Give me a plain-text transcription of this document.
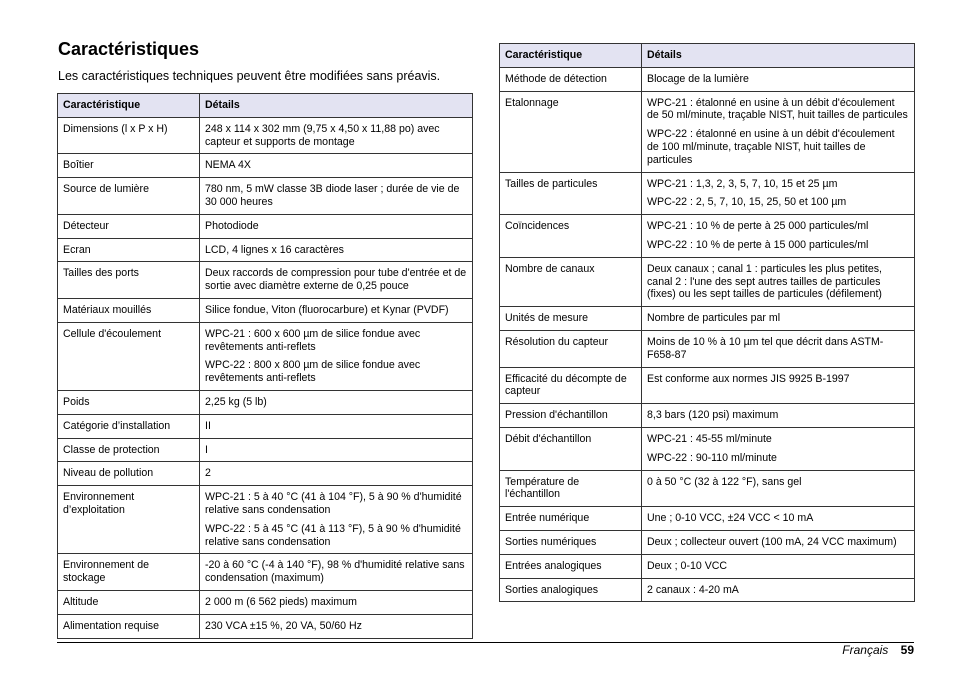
Caractéristiques
Les caractéristiques techniques peuvent être modifiées sans préavis.
Caractéristique	Détails
Dimensions (l x P x H)	248 x 114 x 302 mm (9,75 x 4,50 x 11,88 po) avec capteur et supports de montage

Boîtier	NEMA 4X

Source de lumière	780 nm, 5 mW classe 3B diode laser ; durée de vie de 30 000 heures

Détecteur	Photodiode

Ecran	LCD, 4 lignes x 16 caractères

Tailles des ports	Deux raccords de compression pour tube d'entrée et de sortie avec diamètre externe de 0,25 pouce

Matériaux mouillés	Silice fondue, Viton (fluorocarbure) et Kynar (PVDF)

Cellule d'écoulement	WPC-21 : 600 x 600 µm de silice fondue avec revêtements anti-reflets

WPC-22 : 800 x 800 µm de silice fondue avec revêtements anti-reflets

Poids	2,25 kg (5 lb)

Catégorie d’installation	II

Classe de protection	I

Niveau de pollution	2

Environnement d’exploitation	WPC-21 : 5 à 40 °C (41 à 104 °F), 5 à 90 % d'humidité relative sans condensation

WPC-22 : 5 à 45 °C (41 à 113 °F), 5 à 90 % d'humidité relative sans condensation

Environnement de stockage	-20 à 60 °C (-4 à 140 °F), 98 % d'humidité relative sans condensation (maximum)

Altitude	2 000 m (6 562 pieds) maximum

Alimentation requise	230 VCA ±15 %, 20 VA, 50/60 Hz

Caractéristique	Détails
Méthode de détection	Blocage de la lumière

Etalonnage	WPC-21 : étalonné en usine à un débit d'écoulement de 50 ml/minute, traçable NIST, huit tailles de particules

WPC-22 : étalonné en usine à un débit d'écoulement de 100 ml/minute, traçable NIST, huit tailles de particules

Tailles de particules	WPC-21 : 1,3, 2, 3, 5, 7, 10, 15 et 25 µm

WPC-22 : 2, 5, 7, 10, 15, 25, 50 et 100 µm

Coïncidences	WPC-21 : 10 % de perte à 25 000 particules/ml

WPC-22 : 10 % de perte à 15 000 particules/ml

Nombre de canaux	Deux canaux ; canal 1 : particules les plus petites, canal 2 : l'une des sept autres tailles de particules (fixes) ou les sept tailles de particules (défilement)

Unités de mesure	Nombre de particules par ml

Résolution du capteur	Moins de 10 % à 10 µm tel que décrit dans ASTM-F658-87

Efficacité du décompte de capteur	Est conforme aux normes JIS 9925 B-1997

Pression d'échantillon	8,3 bars (120 psi) maximum

Débit d'échantillon	WPC-21 : 45-55 ml/minute

WPC-22 : 90-110 ml/minute

Température de l'échantillon	0 à 50 °C (32 à 122 °F), sans gel

Entrée numérique	Une ; 0-10 VCC, ±24 VCC < 10 mA

Sorties numériques	Deux ; collecteur ouvert (100 mA, 24 VCC maximum)

Entrées analogiques	Deux ; 0-10 VCC

Sorties analogiques	2 canaux : 4-20 mA

Français 59
